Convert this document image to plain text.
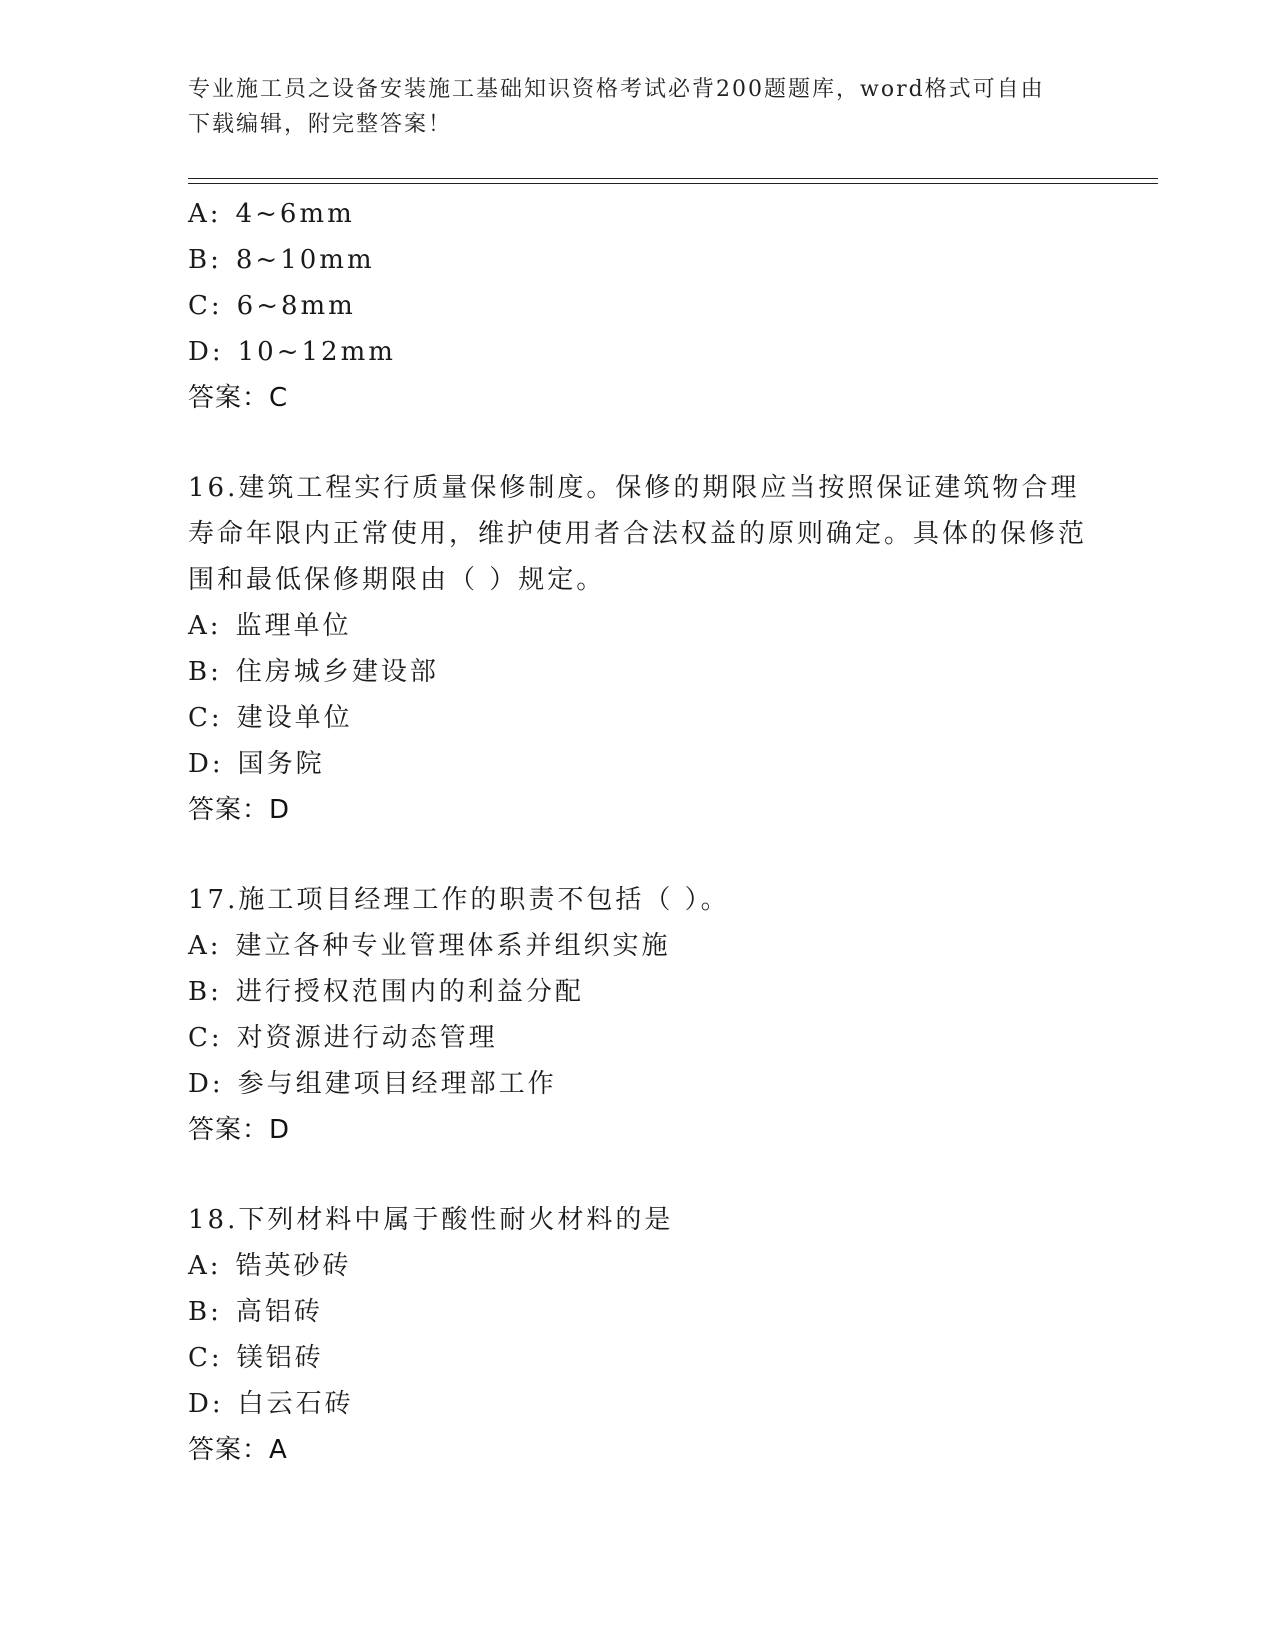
专业施工员之设备安装施工基础知识资格考试必背200题题库，word格式可自由下载编辑，附完整答案！
A: 4~6mm
B: 8~10mm
C: 6~8mm
D: 10~12mm
答案：C
16.建筑工程实行质量保修制度。保修的期限应当按照保证建筑物合理寿命年限内正常使用，维护使用者合法权益的原则确定。具体的保修范围和最低保修期限由（ ）规定。
A: 监理单位
B: 住房城乡建设部
C: 建设单位
D: 国务院
答案：D
17.施工项目经理工作的职责不包括（ ）。
A: 建立各种专业管理体系并组织实施
B: 进行授权范围内的利益分配
C: 对资源进行动态管理
D: 参与组建项目经理部工作
答案：D
18.下列材料中属于酸性耐火材料的是
A: 锆英砂砖
B: 高铝砖
C: 镁铝砖
D: 白云石砖
答案：A
